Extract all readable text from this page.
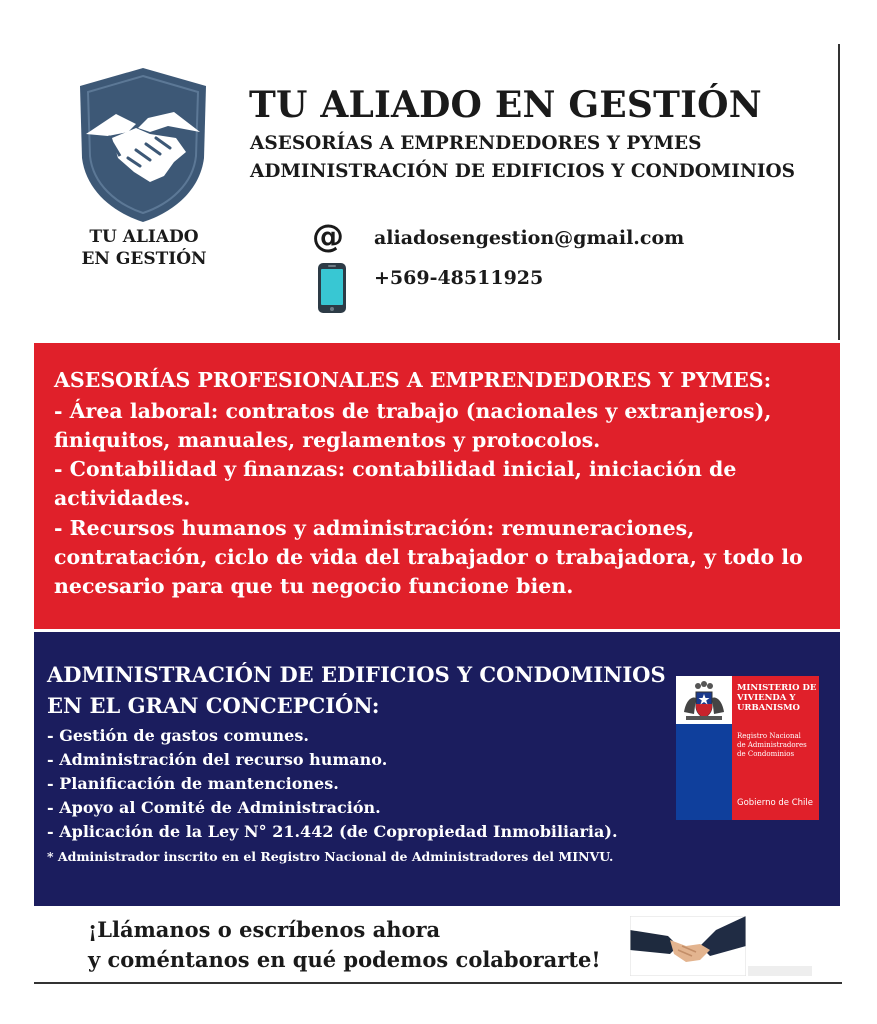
TU ALIADO
EN GESTIÓN
TU ALIADO EN GESTIÓN
ASESORÍAS A EMPRENDEDORES Y PYMES
ADMINISTRACIÓN DE EDIFICIOS Y CONDOMINIOS
@ aliadosengestion@gmail.com
+569-48511925
ASESORÍAS PROFESIONALES A EMPRENDEDORES Y PYMES:
- Área laboral: contratos de trabajo (nacionales y extranjeros),
finiquitos, manuales, reglamentos y protocolos.
- Contabilidad y finanzas: contabilidad inicial, iniciación de
actividades.
- Recursos humanos y administración: remuneraciones,
contratación, ciclo de vida del trabajador o trabajadora, y todo lo
necesario para que tu negocio funcione bien.
ADMINISTRACIÓN DE EDIFICIOS Y CONDOMINIOS
EN EL GRAN CONCEPCIÓN:
- Gestión de gastos comunes.
- Administración del recurso humano.
- Planificación de mantenciones.
- Apoyo al Comité de Administración.
- Aplicación de la Ley N° 21.442 (de Copropiedad Inmobiliaria).
* Administrador inscrito en el Registro Nacional de Administradores del MINVU.
MINISTERIO DE
VIVIENDA Y
URBANISMO
Registro Nacional
de Administradores
de Condominios
Gobierno de Chile
¡Llámanos o escríbenos ahora
y coméntanos en qué podemos colaborarte!
